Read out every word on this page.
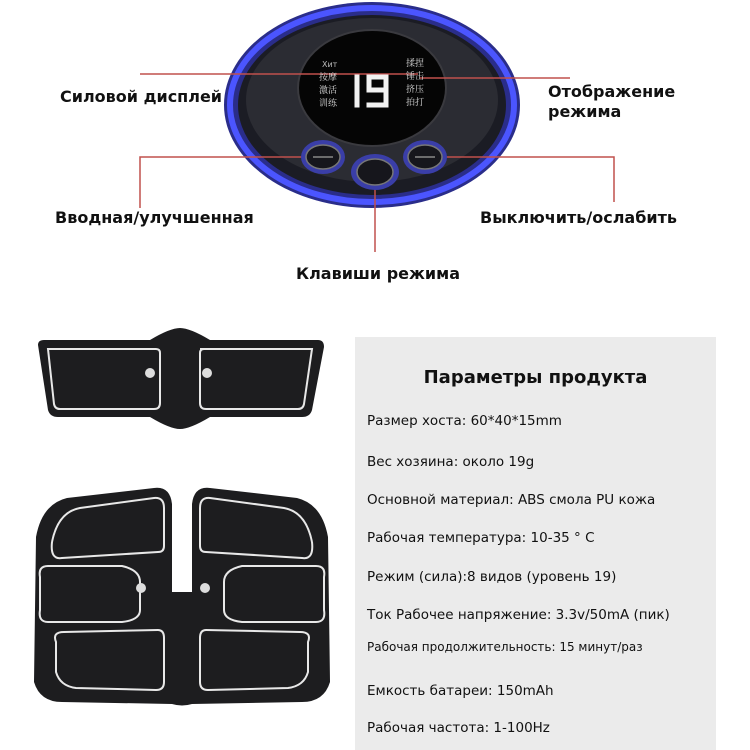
Хит
按摩
激活
训练
揉捏
锤击
挤压
拍打
Силовой дисплей	Отображение
режима
Вводная/улучшенная	Выключить/ослабить
Клавиши режима
Параметры продукта
Размер хоста: 60*40*15mm
Вес хозяина: около 19g
Основной материал: ABS смола PU кожа
Рабочая температура: 10-35 ° C
Режим (сила):8 видов (уровень 19)
Ток Рабочее напряжение: 3.3v/50mA (пик)
Рабочая продолжительность: 15 минут/раз
Емкость батареи: 150mAh
Рабочая частота: 1-100Hz
